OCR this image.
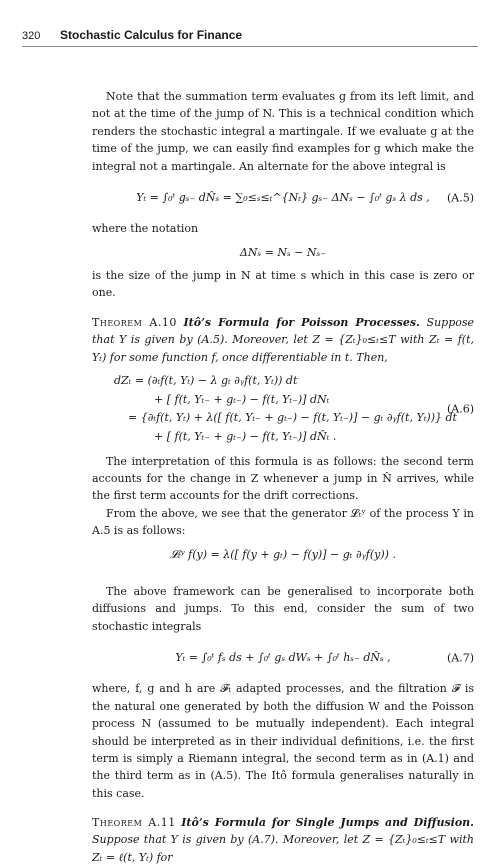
320	Stochastic Calculus for Finance

Note that the summation term evaluates g from its left limit, and not at the time of the jump of N. This is a technical condition which renders the stochastic integral a martingale. If we evaluate g at the time of the jump, we can easily find examples for g which make the integral not a martingale. An alternate for the above integral is

Yₜ = ∫₀ᵗ gₛ₋ dN̂ₛ = ∑₀≤ₛ≤ₜ^{Nₜ} gₛ₋ ΔNₛ − ∫₀ᵗ gₛ λ ds , (A.5)

where the notation

ΔNₛ = Nₛ − Nₛ₋

is the size of the jump in N at time s which in this case is zero or one.

Theorem A.10 Itô’s Formula for Poisson Processes. Suppose that Y is given by (A.5). Moreover, let Z = {Zₜ}₀≤ₜ≤T with Zₜ = f(t, Yₜ) for some function f, once differentiable in t. Then,

dZₜ = (∂ₜf(t, Yₜ) − λ gₜ ∂ᵧf(t, Yₜ)) dt
+ [ f(t, Yₜ₋ + gₜ₋) − f(t, Yₜ₋)] dNₜ
= {∂ₜf(t, Yₜ) + λ([ f(t, Yₜ₋ + gₜ₋) − f(t, Yₜ₋)] − gₜ ∂ᵧf(t, Yₜ))} dt
+ [ f(t, Yₜ₋ + gₜ₋) − f(t, Yₜ₋)] dN̂ₜ .
(A.6)

The interpretation of this formula is as follows: the second term accounts for the change in Z whenever a jump in N̂ arrives, while the first term accounts for the drift corrections.

From the above, we see that the generator 𝓛ₜʸ of the process Y in A.5 is as follows:

𝓛ₜʸ f(y) = λ([ f(y + gₜ) − f(y)] − gₜ ∂ᵧf(y)) .

The above framework can be generalised to incorporate both diffusions and jumps. To this end, consider the sum of two stochastic integrals

Yₜ = ∫₀ᵗ fₛ ds + ∫₀ᵗ gₛ dWₛ + ∫₀ᵗ hₛ₋ dN̂ₛ ,	(A.7)

where, f, g and h are 𝓕ₜ adapted processes, and the filtration 𝓕 is the natural one generated by both the diffusion W and the Poisson process N (assumed to be mutually independent). Each integral should be interpreted as in their individual definitions, i.e. the first term is simply a Riemann integral, the second term as in (A.1) and the third term as in (A.5). The Itô formula generalises naturally in this case.

Theorem A.11 Itô’s Formula for Single Jumps and Diffusion. Suppose that Y is given by (A.7). Moreover, let Z = {Zₜ}₀≤ₜ≤T with Zₜ = ℓ(t, Yₜ) for
